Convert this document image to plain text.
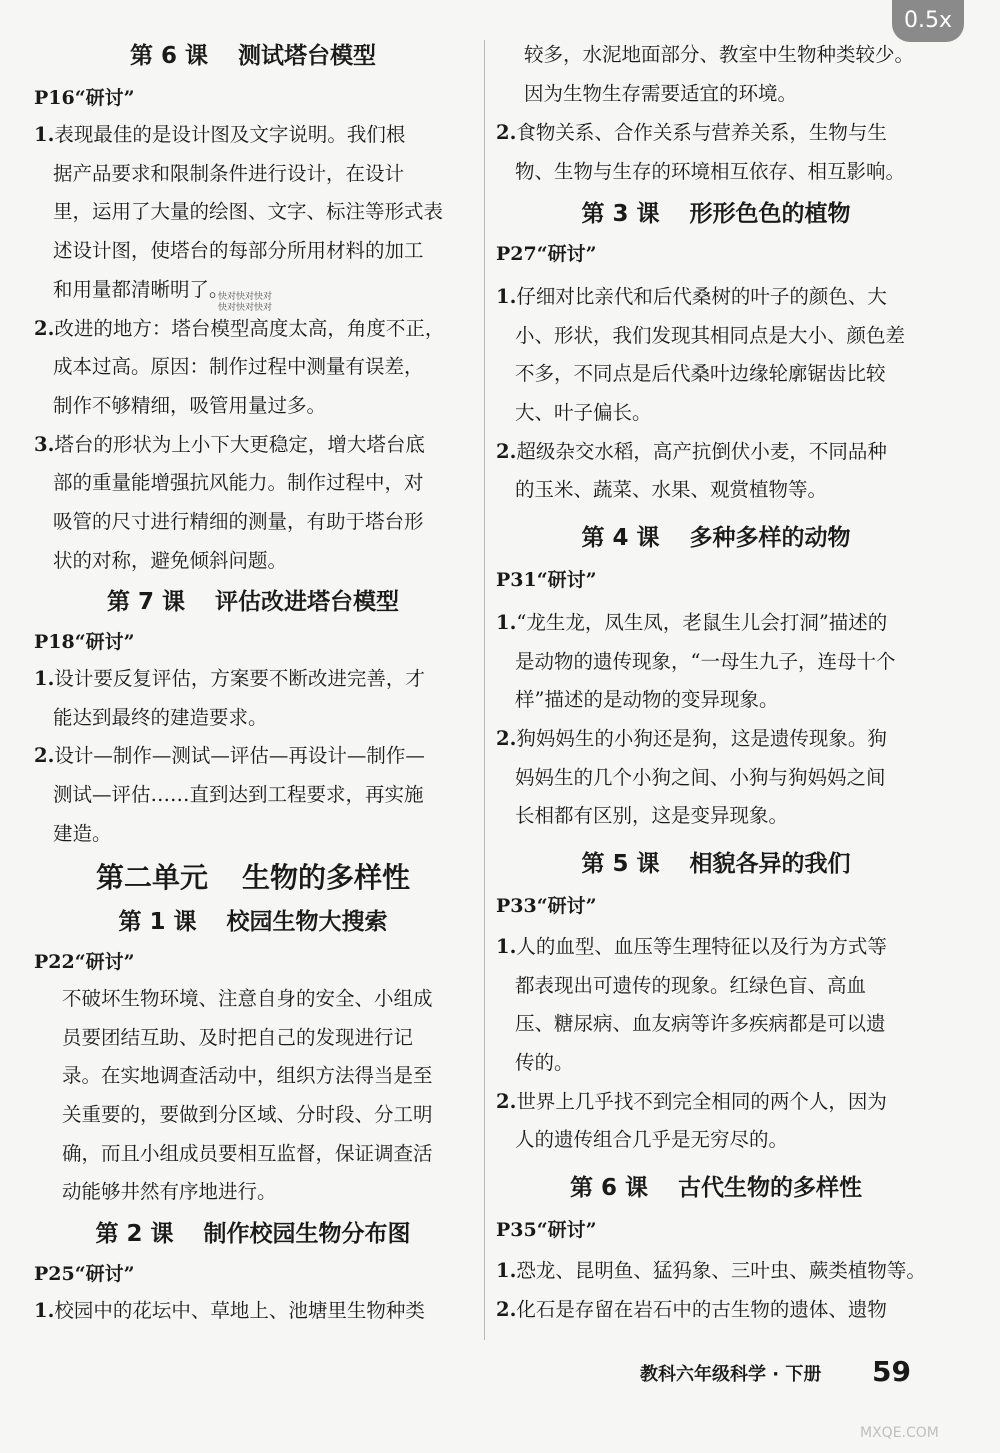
0.5x
第 6 课 测试塔台模型
P16“研讨”
1.表现最佳的是设计图及文字说明。我们根
据产品要求和限制条件进行设计，在设计
里，运用了大量的绘图、文字、标注等形式表
述设计图，使塔台的每部分所用材料的加工
和用量都清晰明了。
2.改进的地方：塔台模型高度太高，角度不正，
成本过高。原因：制作过程中测量有误差，
制作不够精细，吸管用量过多。
3.塔台的形状为上小下大更稳定，增大塔台底
部的重量能增强抗风能力。制作过程中，对
吸管的尺寸进行精细的测量，有助于塔台形
状的对称，避免倾斜问题。
第 7 课 评估改进塔台模型
P18“研讨”
1.设计要反复评估，方案要不断改进完善，才
能达到最终的建造要求。
2.设计—制作—测试—评估—再设计—制作—
测试—评估……直到达到工程要求，再实施
建造。
第二单元 生物的多样性
第 1 课 校园生物大搜索
P22“研讨”
不破坏生物环境、注意自身的安全、小组成
员要团结互助、及时把自己的发现进行记
录。在实地调查活动中，组织方法得当是至
关重要的，要做到分区域、分时段、分工明
确，而且小组成员要相互监督，保证调查活
动能够井然有序地进行。
第 2 课 制作校园生物分布图
P25“研讨”
1.校园中的花坛中、草地上、池塘里生物种类
较多，水泥地面部分、教室中生物种类较少。
因为生物生存需要适宜的环境。
2.食物关系、合作关系与营养关系，生物与生
物、生物与生存的环境相互依存、相互影响。
第 3 课 形形色色的植物
P27“研讨”
1.仔细对比亲代和后代桑树的叶子的颜色、大
小、形状，我们发现其相同点是大小、颜色差
不多，不同点是后代桑叶边缘轮廓锯齿比较
大、叶子偏长。
2.超级杂交水稻，高产抗倒伏小麦，不同品种
的玉米、蔬菜、水果、观赏植物等。
第 4 课 多种多样的动物
P31“研讨”
1.“龙生龙，凤生凤，老鼠生儿会打洞”描述的
是动物的遗传现象，“一母生九子，连母十个
样”描述的是动物的变异现象。
2.狗妈妈生的小狗还是狗，这是遗传现象。狗
妈妈生的几个小狗之间、小狗与狗妈妈之间
长相都有区别，这是变异现象。
第 5 课 相貌各异的我们
P33“研讨”
1.人的血型、血压等生理特征以及行为方式等
都表现出可遗传的现象。红绿色盲、高血
压、糖尿病、血友病等许多疾病都是可以遗
传的。
2.世界上几乎找不到完全相同的两个人，因为
人的遗传组合几乎是无穷尽的。
第 6 课 古代生物的多样性
P35“研讨”
1.恐龙、昆明鱼、猛犸象、三叶虫、蕨类植物等。
2.化石是存留在岩石中的古生物的遗体、遗物
快对快对快对
快对快对快对
MXQE.COM
教科六年级科学 · 下册 59
